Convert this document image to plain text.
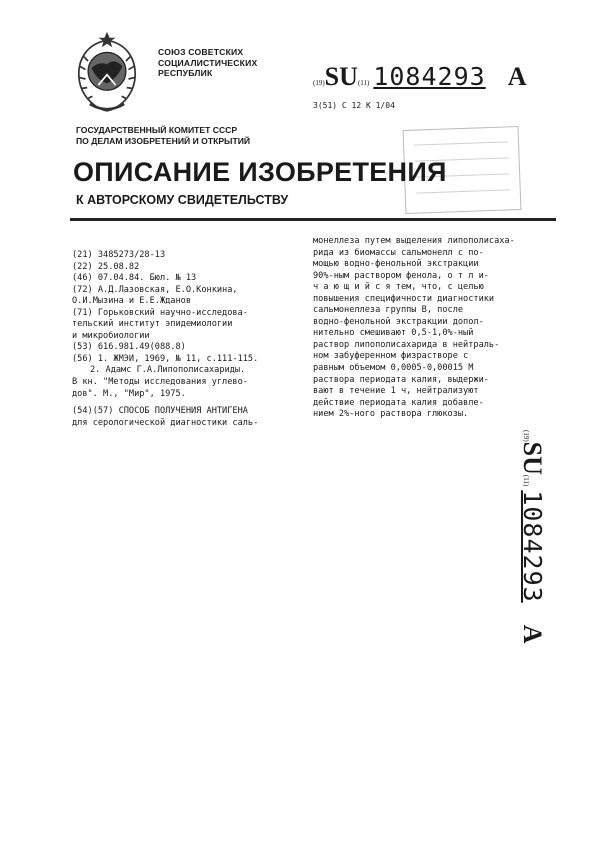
СОЮЗ СОВЕТСКИХ
СОЦИАЛИСТИЧЕСКИХ
РЕСПУБЛИК
(19)SU(11) 1084293 A
3(51) C 12 K 1/04
ГОСУДАРСТВЕННЫЙ КОМИТЕТ СССР
ПО ДЕЛАМ ИЗОБРЕТЕНИЙ И ОТКРЫТИЙ
ОПИСАНИЕ ИЗОБРЕТЕНИЯ
К АВТОРСКОМУ СВИДЕТЕЛЬСТВУ
(21) 3485273/28-13
(22) 25.08.82
(46) 07.04.84. Бюл. № 13
(72) А.Д.Лазовская, Е.О.Конкина,
О.И.Мызина и Е.Е.Жданов
(71) Горьковский научно-исследова-
тельский институт эпидемиологии
и микробиологии
(53) 616.981.49(088.8)
(56) 1. ЖМЭИ, 1969, № 11, с.111-115.
2. Адамс Г.А.Липополисахариды.
В кн. "Методы исследования углево-
дов". М., "Мир", 1975.
(54)(57) СПОСОБ ПОЛУЧЕНИЯ АНТИГЕНА
для серологической диагностики саль-
монеллеза путем выделения липополисаха-
рида из биомассы сальмонелл с по-
мощью водно-фенольной экстракции
90%-ным раствором фенола, о т л и-
ч а ю щ и й с я тем, что, с целью
повышения специфичности диагностики
сальмонеллеза группы В, после
водно-фенольной экстракции допол-
нительно смешивают 0,5-1,0%-ный
раствор липополисахарида в нейтраль-
ном забуференном физрастворе с
равным объемом 0,0005-0,00015 М
раствора периодата калия, выдержи-
вают в течение 1 ч, нейтрализуют
действие периодата калия добавле-
нием 2%-ного раствора глюкозы.
(19)SU(11) 1084293 A
